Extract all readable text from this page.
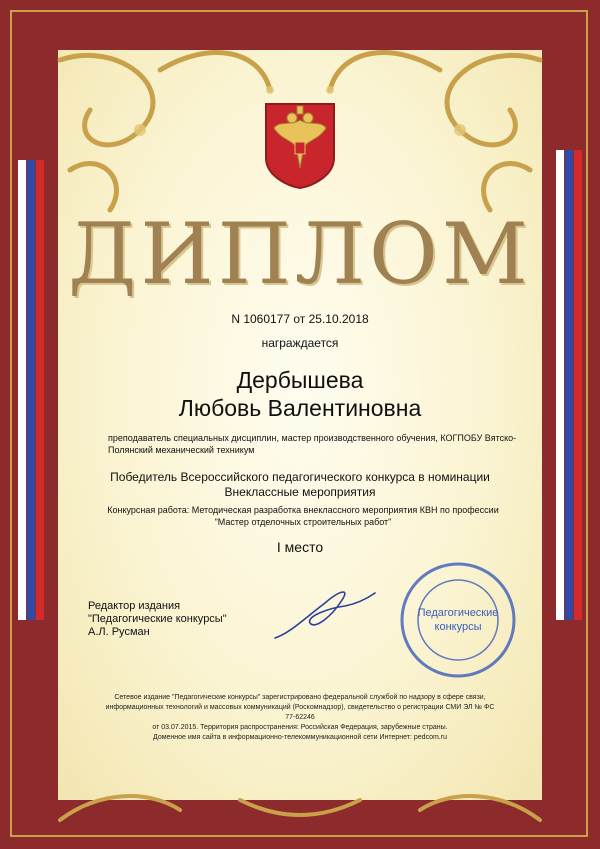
ДИПЛОМ
N 1060177 от 25.10.2018
награждается
Дербышева
Любовь Валентиновна
преподаватель специальных дисциплин, мастер производственного обучения, КОГПОБУ Вятско-Полянский механический техникум
Победитель Всероссийского педагогического конкурса в номинации
Внеклассные мероприятия
Конкурсная работа: Методическая разработка внеклассного мероприятия КВН по профессии
"Мастер отделочных строительных работ"
I место
Редактор издания
"Педагогические конкурсы"
А.Л. Русман
Педагогические
конкурсы
Сетевое издание "Педагогические конкурсы" зарегистрировано федеральной службой по надзору в сфере связи,
информационных технологий и массовых коммуникаций (Роскомнадзор), свидетельство о регистрации СМИ ЭЛ № ФС 77-62246
от 03.07.2015. Территория распространения: Российская Федерация, зарубежные страны.
Доменное имя сайта в информационно-телекоммуникационной сети Интернет: pedcom.ru
